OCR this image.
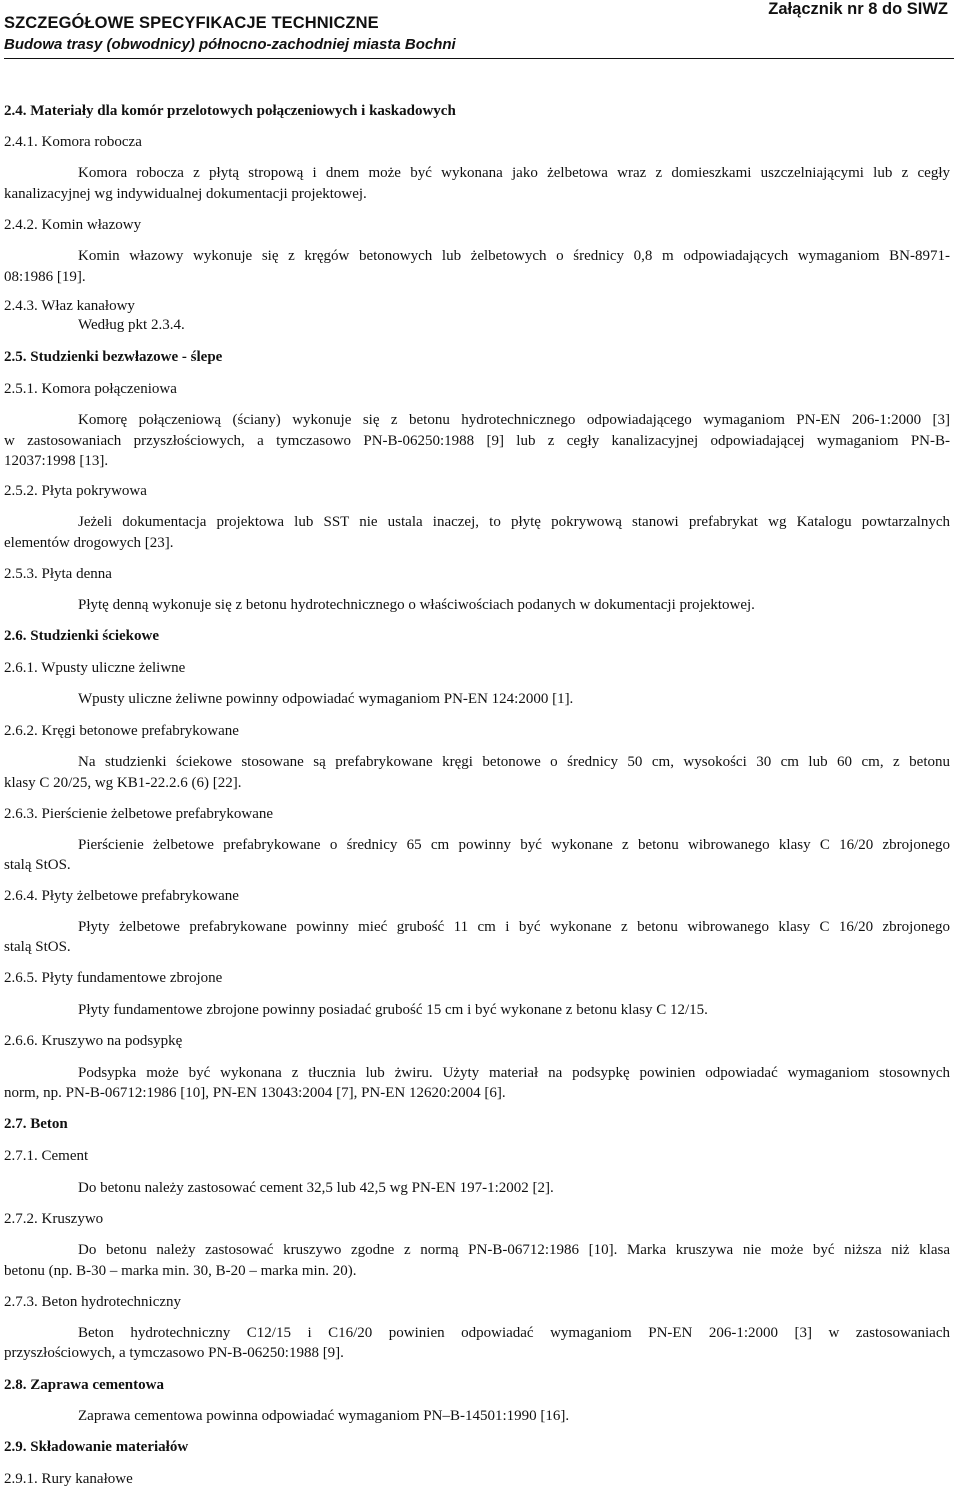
SZCZEGÓŁOWE SPECYFIKACJE TECHNICZNE
Budowa trasy (obwodnicy) północno-zachodniej miasta Bochni
Załącznik nr 8 do SIWZ
2.4. Materiały dla komór przelotowych połączeniowych i kaskadowych
2.4.1. Komora robocza
Komora robocza z płytą stropową i dnem może być wykonana jako żelbetowa wraz z domieszkami uszczelniającymi lub z cegły
kanalizacyjnej wg indywidualnej dokumentacji projektowej.
2.4.2. Komin włazowy
Komin włazowy wykonuje się z kręgów betonowych lub żelbetowych o średnicy 0,8 m odpowiadających wymaganiom BN-8971-
08:1986 [19].
2.4.3. Właz kanałowy
Według pkt 2.3.4.
2.5. Studzienki bezwłazowe - ślepe
2.5.1. Komora połączeniowa
Komorę połączeniową (ściany) wykonuje się z betonu hydrotechnicznego odpowiadającego wymaganiom PN-EN 206-1:2000 [3]
w zastosowaniach przyszłościowych, a tymczasowo PN-B-06250:1988 [9] lub z cegły kanalizacyjnej odpowiadającej wymaganiom PN-B-
12037:1998 [13].
2.5.2. Płyta pokrywowa
Jeżeli dokumentacja projektowa lub SST nie ustala inaczej, to płytę pokrywową stanowi prefabrykat wg Katalogu powtarzalnych
elementów drogowych [23].
2.5.3. Płyta denna
Płytę denną wykonuje się z betonu hydrotechnicznego o właściwościach podanych w dokumentacji projektowej.
2.6. Studzienki ściekowe
2.6.1. Wpusty uliczne żeliwne
Wpusty uliczne żeliwne powinny odpowiadać wymaganiom PN-EN 124:2000 [1].
2.6.2. Kręgi betonowe prefabrykowane
Na studzienki ściekowe stosowane są prefabrykowane kręgi betonowe o średnicy 50 cm, wysokości 30 cm lub 60 cm, z betonu
klasy C 20/25, wg KB1-22.2.6 (6) [22].
2.6.3. Pierścienie żelbetowe prefabrykowane
Pierścienie żelbetowe prefabrykowane o średnicy 65 cm powinny być wykonane z betonu wibrowanego klasy C 16/20 zbrojonego
stalą StOS.
2.6.4. Płyty żelbetowe prefabrykowane
Płyty żelbetowe prefabrykowane powinny mieć grubość 11 cm i być wykonane z betonu wibrowanego klasy C 16/20 zbrojonego
stalą StOS.
2.6.5. Płyty fundamentowe zbrojone
Płyty fundamentowe zbrojone powinny posiadać grubość 15 cm i być wykonane z betonu klasy C 12/15.
2.6.6. Kruszywo na podsypkę
Podsypka może być wykonana z tłucznia lub żwiru. Użyty materiał na podsypkę powinien odpowiadać wymaganiom stosownych
norm, np. PN-B-06712:1986 [10], PN-EN 13043:2004 [7], PN-EN 12620:2004 [6].
2.7. Beton
2.7.1. Cement
Do betonu należy zastosować cement 32,5 lub 42,5 wg PN-EN 197-1:2002 [2].
2.7.2. Kruszywo
Do betonu należy zastosować kruszywo zgodne z normą PN-B-06712:1986 [10]. Marka kruszywa nie może być niższa niż klasa
betonu (np. B-30 – marka min. 30, B-20 – marka min. 20).
2.7.3. Beton hydrotechniczny
Beton hydrotechniczny C12/15 i C16/20 powinien odpowiadać wymaganiom PN-EN 206-1:2000 [3] w zastosowaniach
przyszłościowych, a tymczasowo PN-B-06250:1988 [9].
2.8. Zaprawa cementowa
Zaprawa cementowa powinna odpowiadać wymaganiom PN–B-14501:1990 [16].
2.9. Składowanie materiałów
2.9.1. Rury kanałowe
